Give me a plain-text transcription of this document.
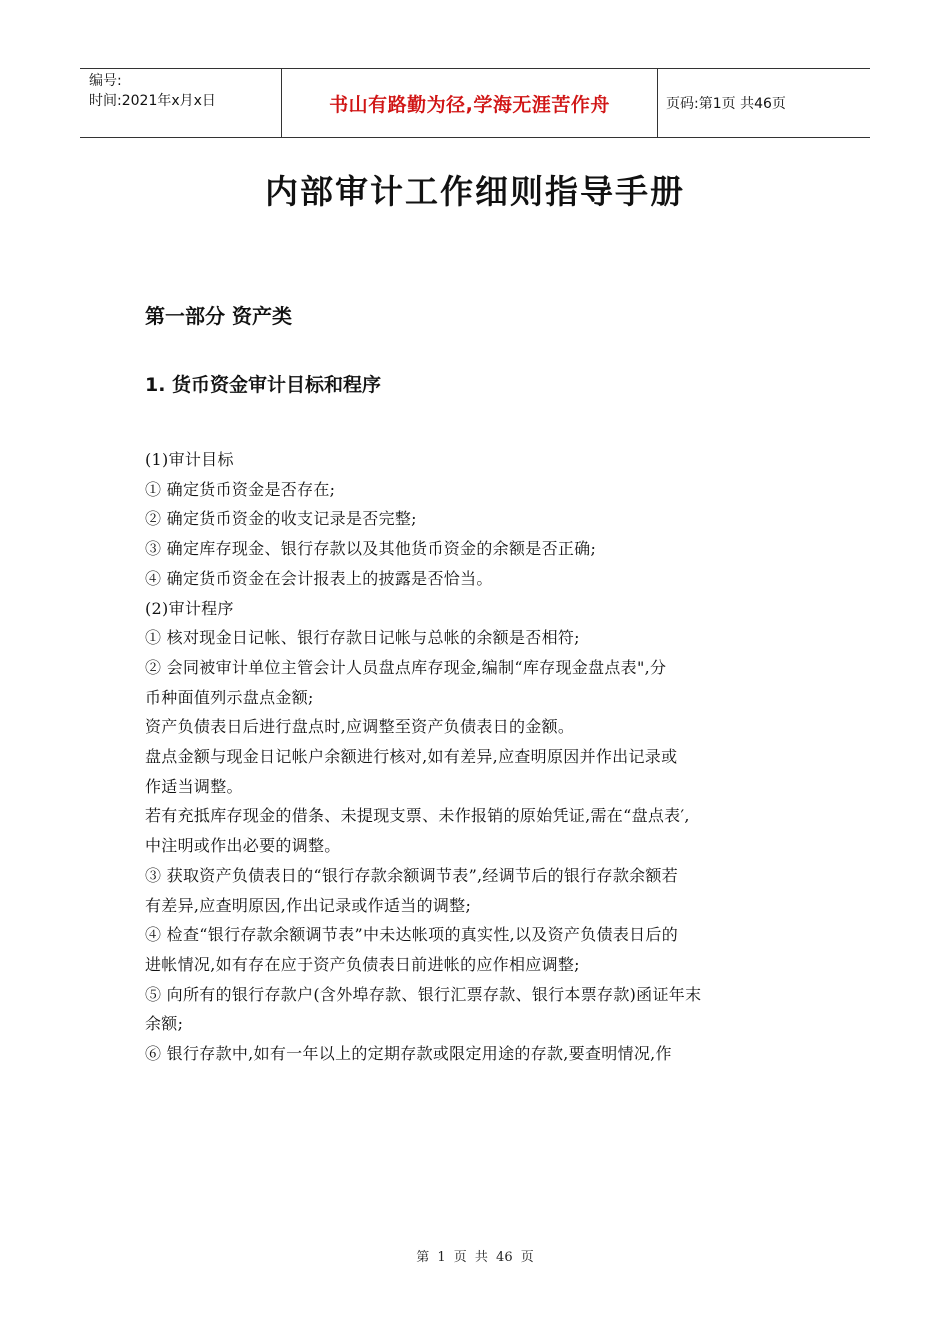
编号:
时间:2021年x月x日	书山有路勤为径,学海无涯苦作舟	页码:第1页 共46页
内部审计工作细则指导手册
第一部分 资产类
1. 货币资金审计目标和程序

(1)审计目标

① 确定货币资金是否存在;

② 确定货币资金的收支记录是否完整;

③ 确定库存现金、银行存款以及其他货币资金的余额是否正确;

④ 确定货币资金在会计报表上的披露是否恰当。

(2)审计程序

① 核对现金日记帐、银行存款日记帐与总帐的余额是否相符;

② 会同被审计单位主管会计人员盘点库存现金,编制“库存现金盘点表",分

币种面值列示盘点金额;

资产负债表日后进行盘点时,应调整至资产负债表日的金额。

盘点金额与现金日记帐户余额进行核对,如有差异,应查明原因并作出记录或

作适当调整。

若有充抵库存现金的借条、未提现支票、未作报销的原始凭证,需在“盘点表′,

中注明或作出必要的调整。

③ 获取资产负债表日的“银行存款余额调节表”,经调节后的银行存款余额若

有差异,应查明原因,作出记录或作适当的调整;

④ 检查“银行存款余额调节表”中未达帐项的真实性,以及资产负债表日后的

进帐情况,如有存在应于资产负债表日前进帐的应作相应调整;

⑤ 向所有的银行存款户(含外埠存款、银行汇票存款、银行本票存款)函证年末

余额;

⑥ 银行存款中,如有一年以上的定期存款或限定用途的存款,要查明情况,作

第 1 页 共 46 页
